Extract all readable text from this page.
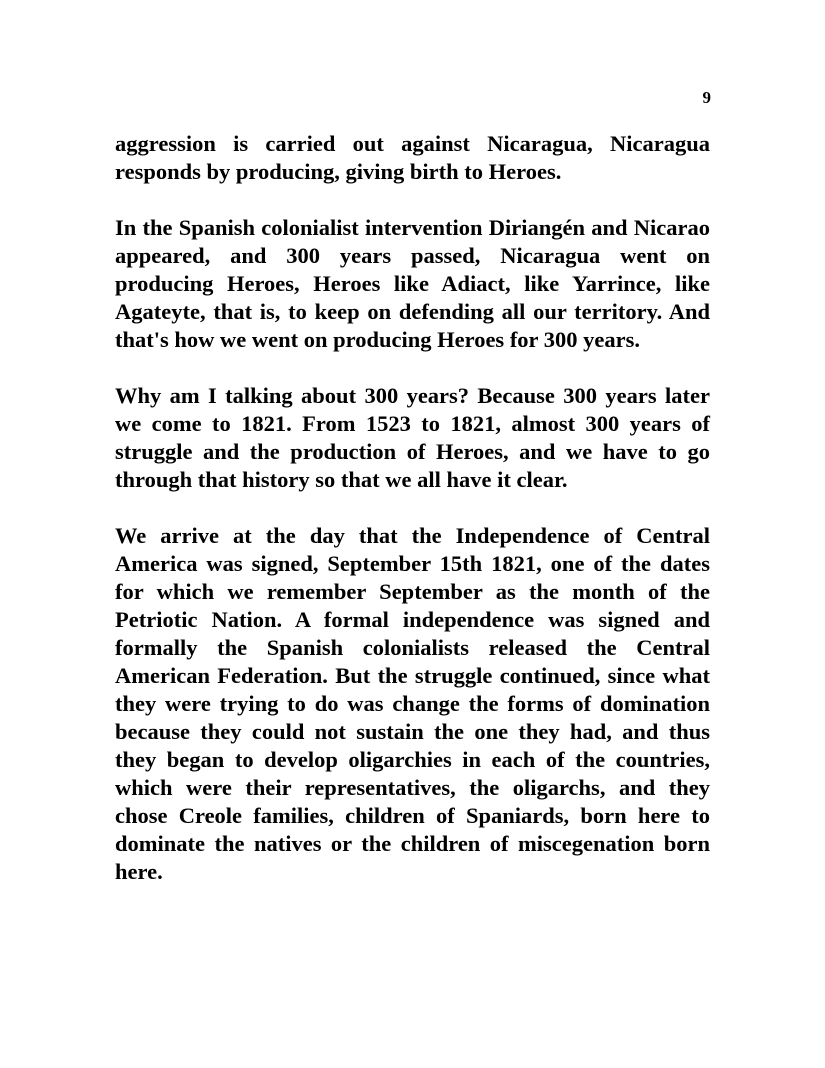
9

aggression is carried out against Nicaragua, Nicaragua responds by producing, giving birth to Heroes.

In the Spanish colonialist intervention Diriangén and Nicarao appeared, and 300 years passed, Nicaragua went on producing Heroes, Heroes like Adiact, like Yarrince, like Agateyte, that is, to keep on defending all our territory. And that's how we went on producing Heroes for 300 years.

Why am I talking about 300 years? Because 300 years later we come to 1821. From 1523 to 1821, almost 300 years of struggle and the production of Heroes, and we have to go through that history so that we all have it clear.

We arrive at the day that the Independence of Central America was signed, September 15th 1821, one of the dates for which we remember September as the month of the Petriotic Nation. A formal independence was signed and formally the Spanish colonialists released the Central American Federation. But the struggle continued, since what they were trying to do was change the forms of domination because they could not sustain the one they had, and thus they began to develop oligarchies in each of the countries, which were their representatives, the oligarchs, and they chose Creole families, children of Spaniards, born here to dominate the natives or the children of miscegenation born here.
